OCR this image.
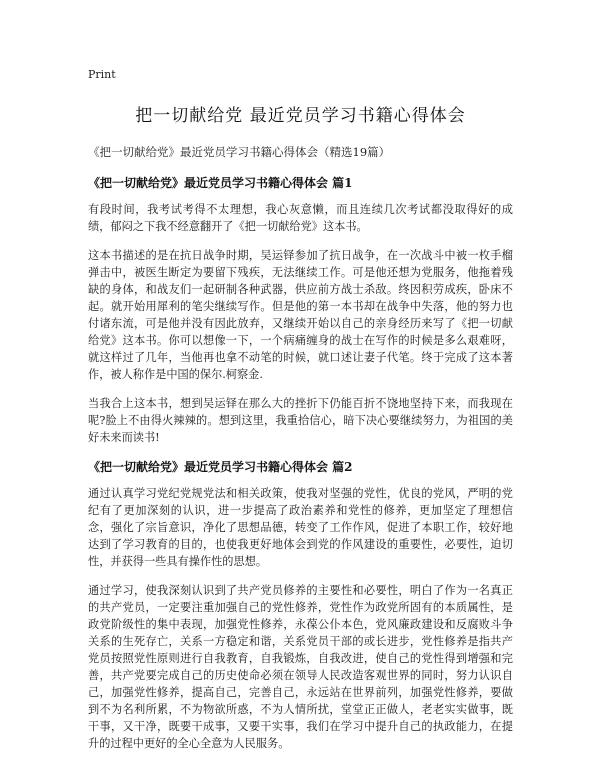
Print
把一切献给党 最近党员学习书籍心得体会
《把一切献给党》最近党员学习书籍心得体会（精选19篇）
《把一切献给党》最近党员学习书籍心得体会 篇1

有段时间，我考试考得不太理想，我心灰意懒，而且连续几次考试都没取得好的成绩，郁闷之下我不经意翻开了《把一切献给党》这本书。

这本书描述的是在抗日战争时期，吴运铎参加了抗日战争，在一次战斗中被一枚手榴弹击中，被医生断定为要留下残疾，无法继续工作。可是他还想为党服务，他拖着残缺的身体，和战友们一起研制各种武器，供应前方战士杀敌。终因积劳成疾，卧床不起。就开始用犀利的笔尖继续写作。但是他的第一本书却在战争中失落，他的努力也付诸东流，可是他并没有因此放弃，又继续开始以自己的亲身经历来写了《把一切献给党》这本书。你可以想像一下，一个病痛缠身的战士在写作的时候是多么艰难呀，就这样过了几年，当他再也拿不动笔的时候，就口述让妻子代笔。终于完成了这本著作，被人称作是中国的保尔.柯察金.

当我合上这本书，想到吴运铎在那么大的挫折下仍能百折不饶地坚持下来，而我现在呢?脸上不由得火辣辣的。想到这里，我重拾信心，暗下决心要继续努力，为祖国的美好未来而读书!

《把一切献给党》最近党员学习书籍心得体会 篇2

通过认真学习党纪党规党法和相关政策，使我对坚强的党性，优良的党风，严明的党纪有了更加深刻的认识，进一步提高了政治素养和党性的修养，更加坚定了理想信念，强化了宗旨意识，净化了思想品德，转变了工作作风，促进了本职工作，较好地达到了学习教育的目的，也使我更好地体会到党的作风建设的重要性，必要性，迫切性，并获得一些具有操作性的思想。

通过学习，使我深刻认识到了共产党员修养的主要性和必要性，明白了作为一名真正的共产党员，一定要注重加强自己的党性修养，党性作为政党所固有的本质属性，是政党阶级性的集中表现，加强党性修养，永葆公仆本色，党风廉政建设和反腐败斗争关系的生死存亡，关系一方稳定和谐，关系党员干部的或长进步，党性修养是指共产党员按照党性原则进行自我教育，自我锻炼，自我改进，使自己的党性得到增强和完善，共产党要完成自己的历史使命必须在领导人民改造客观世界的同时，努力认识自己，加强党性修养，提高自己，完善自己，永远站在世界前列，加强党性修养，要做到不为名利所累，不为物欲所惑，不为人情所扰，堂堂正正做人，老老实实做事，既干事，又干净，既要干成事，又要干实事，我们在学习中提升自己的执政能力，在提升的过程中更好的全心全意为人民服务。
